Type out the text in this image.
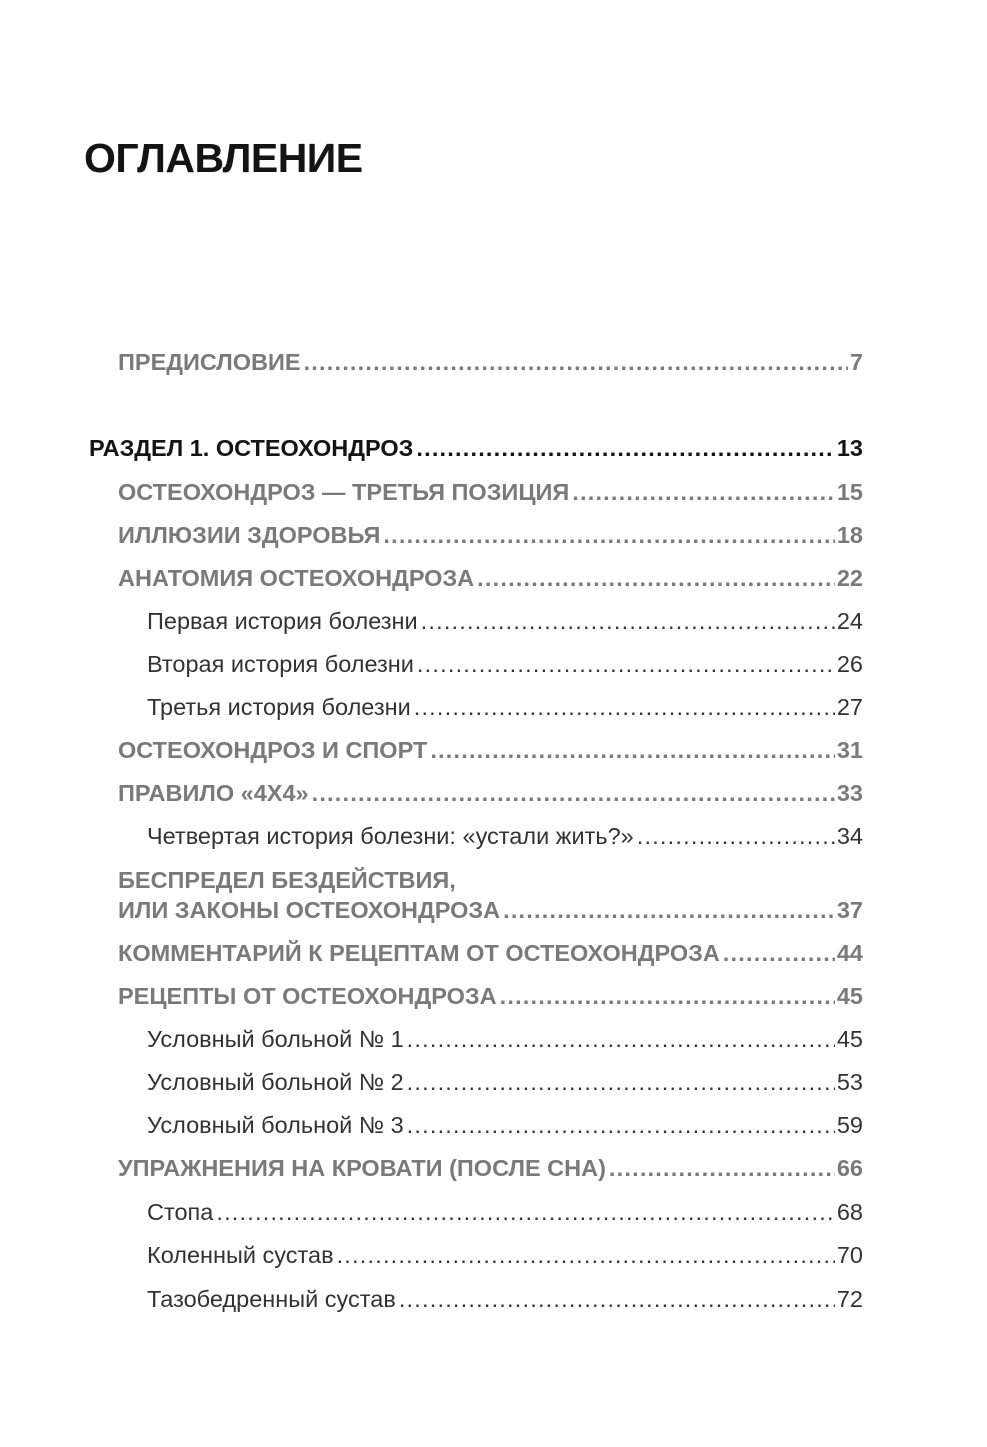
ОГЛАВЛЕНИЕ
ПРЕДИСЛОВИЕ .....	7
РАЗДЕЛ 1. ОСТЕОХОНДРОЗ .....	13
ОСТЕОХОНДРОЗ — ТРЕТЬЯ ПОЗИЦИЯ .....	15
ИЛЛЮЗИИ ЗДОРОВЬЯ .....	18
АНАТОМИЯ ОСТЕОХОНДРОЗА .....	22
Первая история болезни .....	24
Вторая история болезни .....	26
Третья история болезни .....	27
ОСТЕОХОНДРОЗ И СПОРТ .....	31
ПРАВИЛО «4Х4» .....	33
Четвертая история болезни: «устали жить?» .....	34
БЕСПРЕДЕЛ БЕЗДЕЙСТВИЯ,
ИЛИ ЗАКОНЫ ОСТЕОХОНДРОЗА .....	37
КОММЕНТАРИЙ К РЕЦЕПТАМ ОТ ОСТЕОХОНДРОЗА .....	44
РЕЦЕПТЫ ОТ ОСТЕОХОНДРОЗА .....	45
Условный больной № 1 .....	45
Условный больной № 2 .....	53
Условный больной № 3 .....	59
УПРАЖНЕНИЯ НА КРОВАТИ (ПОСЛЕ СНА) .....	66
Стопа .....	68
Коленный сустав .....	70
Тазобедренный сустав .....	72
